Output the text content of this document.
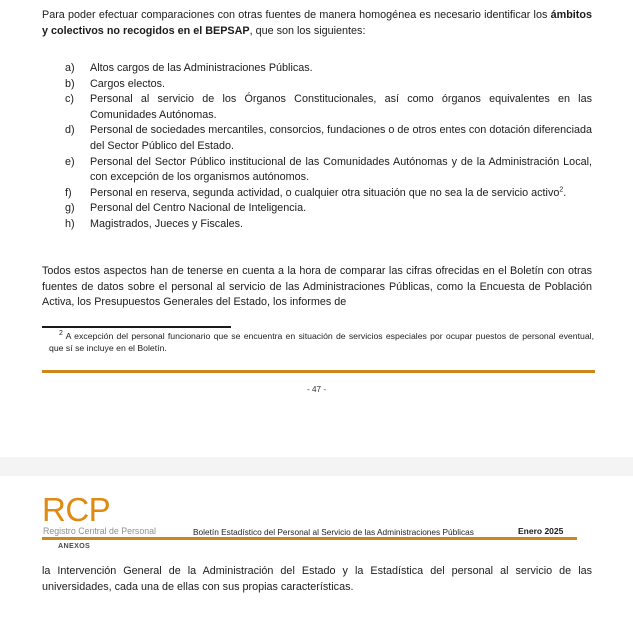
Para poder efectuar comparaciones con otras fuentes de manera homogénea es necesario identificar los ámbitos y colectivos no recogidos en el BEPSAP, que son los siguientes:

a) Altos cargos de las Administraciones Públicas.
b) Cargos electos.
c) Personal al servicio de los Órganos Constitucionales, así como órganos equivalentes en las Comunidades Autónomas.
d) Personal de sociedades mercantiles, consorcios, fundaciones o de otros entes con dotación diferenciada del Sector Público del Estado.
e) Personal del Sector Público institucional de las Comunidades Autónomas y de la Administración Local, con excepción de los organismos autónomos.
f) Personal en reserva, segunda actividad, o cualquier otra situación que no sea la de servicio activo$^2$.
g) Personal del Centro Nacional de Inteligencia.
h) Magistrados, Jueces y Fiscales.

Todos estos aspectos han de tenerse en cuenta a la hora de comparar las cifras ofrecidas en el Boletín con otras fuentes de datos sobre el personal al servicio de las Administraciones Públicas, como la Encuesta de Población Activa, los Presupuestos Generales del Estado, los informes de

$^2$ A excepción del personal funcionario que se encuentra en situación de servicios especiales por ocupar puestos de personal eventual, que sí se incluye en el Boletín.

- 47 -
RCP
Registro Central de Personal	Boletín Estadístico del Personal al Servicio de las Administraciones Públicas	Enero 2025
ANEXOS

la Intervención General de la Administración del Estado y la Estadística del personal al servicio de las universidades, cada una de ellas con sus propias características.
